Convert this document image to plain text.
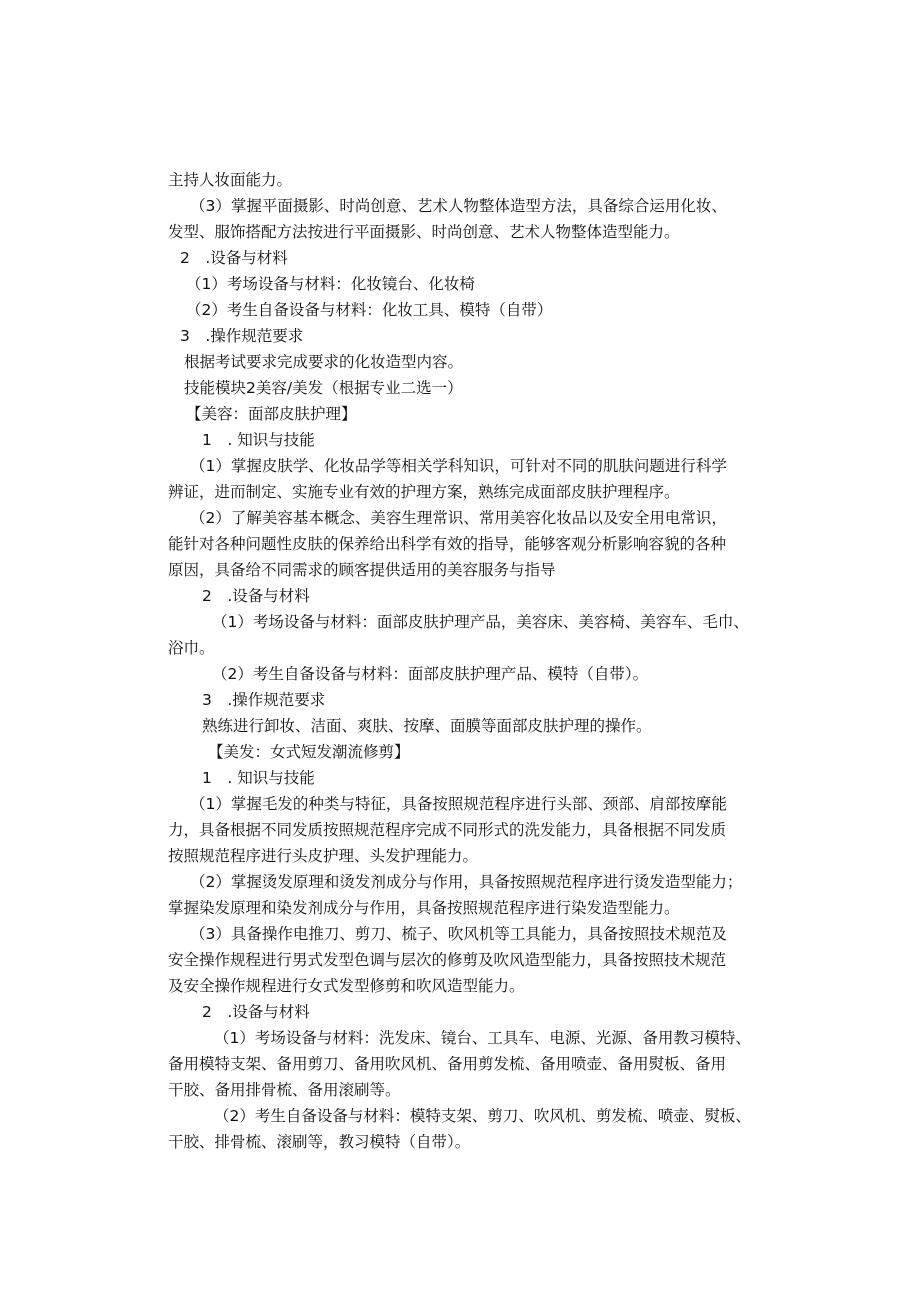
主持人妆面能力。
（3）掌握平面摄影、时尚创意、艺术人物整体造型方法，具备综合运用化妆、
发型、服饰搭配方法按进行平面摄影、时尚创意、艺术人物整体造型能力。
2　.设备与材料
（1）考场设备与材料：化妆镜台、化妆椅
（2）考生自备设备与材料：化妆工具、模特（自带）
3　.操作规范要求
根据考试要求完成要求的化妆造型内容。
技能模块2美容/美发（根据专业二选一）
【美容：面部皮肤护理】
1　. 知识与技能
（1）掌握皮肤学、化妆品学等相关学科知识，可针对不同的肌肤问题进行科学
辨证，进而制定、实施专业有效的护理方案，熟练完成面部皮肤护理程序。
（2）了解美容基本概念、美容生理常识、常用美容化妆品以及安全用电常识，
能针对各种问题性皮肤的保养给出科学有效的指导，能够客观分析影响容貌的各种
原因，具备给不同需求的顾客提供适用的美容服务与指导
2　.设备与材料
（1）考场设备与材料：面部皮肤护理产品，美容床、美容椅、美容车、毛巾、
浴巾。
（2）考生自备设备与材料：面部皮肤护理产品、模特（自带）。
3　.操作规范要求
熟练进行卸妆、洁面、爽肤、按摩、面膜等面部皮肤护理的操作。
【美发：女式短发潮流修剪】
1　. 知识与技能
（1）掌握毛发的种类与特征，具备按照规范程序进行头部、颈部、肩部按摩能
力，具备根据不同发质按照规范程序完成不同形式的洗发能力，具备根据不同发质
按照规范程序进行头皮护理、头发护理能力。
（2）掌握烫发原理和烫发剂成分与作用，具备按照规范程序进行烫发造型能力；
掌握染发原理和染发剂成分与作用，具备按照规范程序进行染发造型能力。
（3）具备操作电推刀、剪刀、梳子、吹风机等工具能力，具备按照技术规范及
安全操作规程进行男式发型色调与层次的修剪及吹风造型能力，具备按照技术规范
及安全操作规程进行女式发型修剪和吹风造型能力。
2　.设备与材料
（1）考场设备与材料：洗发床、镜台、工具车、电源、光源、备用教习模特、
备用模特支架、备用剪刀、备用吹风机、备用剪发梳、备用喷壶、备用熨板、备用
干胶、备用排骨梳、备用滚刷等。
（2）考生自备设备与材料：模特支架、剪刀、吹风机、剪发梳、喷壶、熨板、
干胶、排骨梳、滚刷等，教习模特（自带）。
